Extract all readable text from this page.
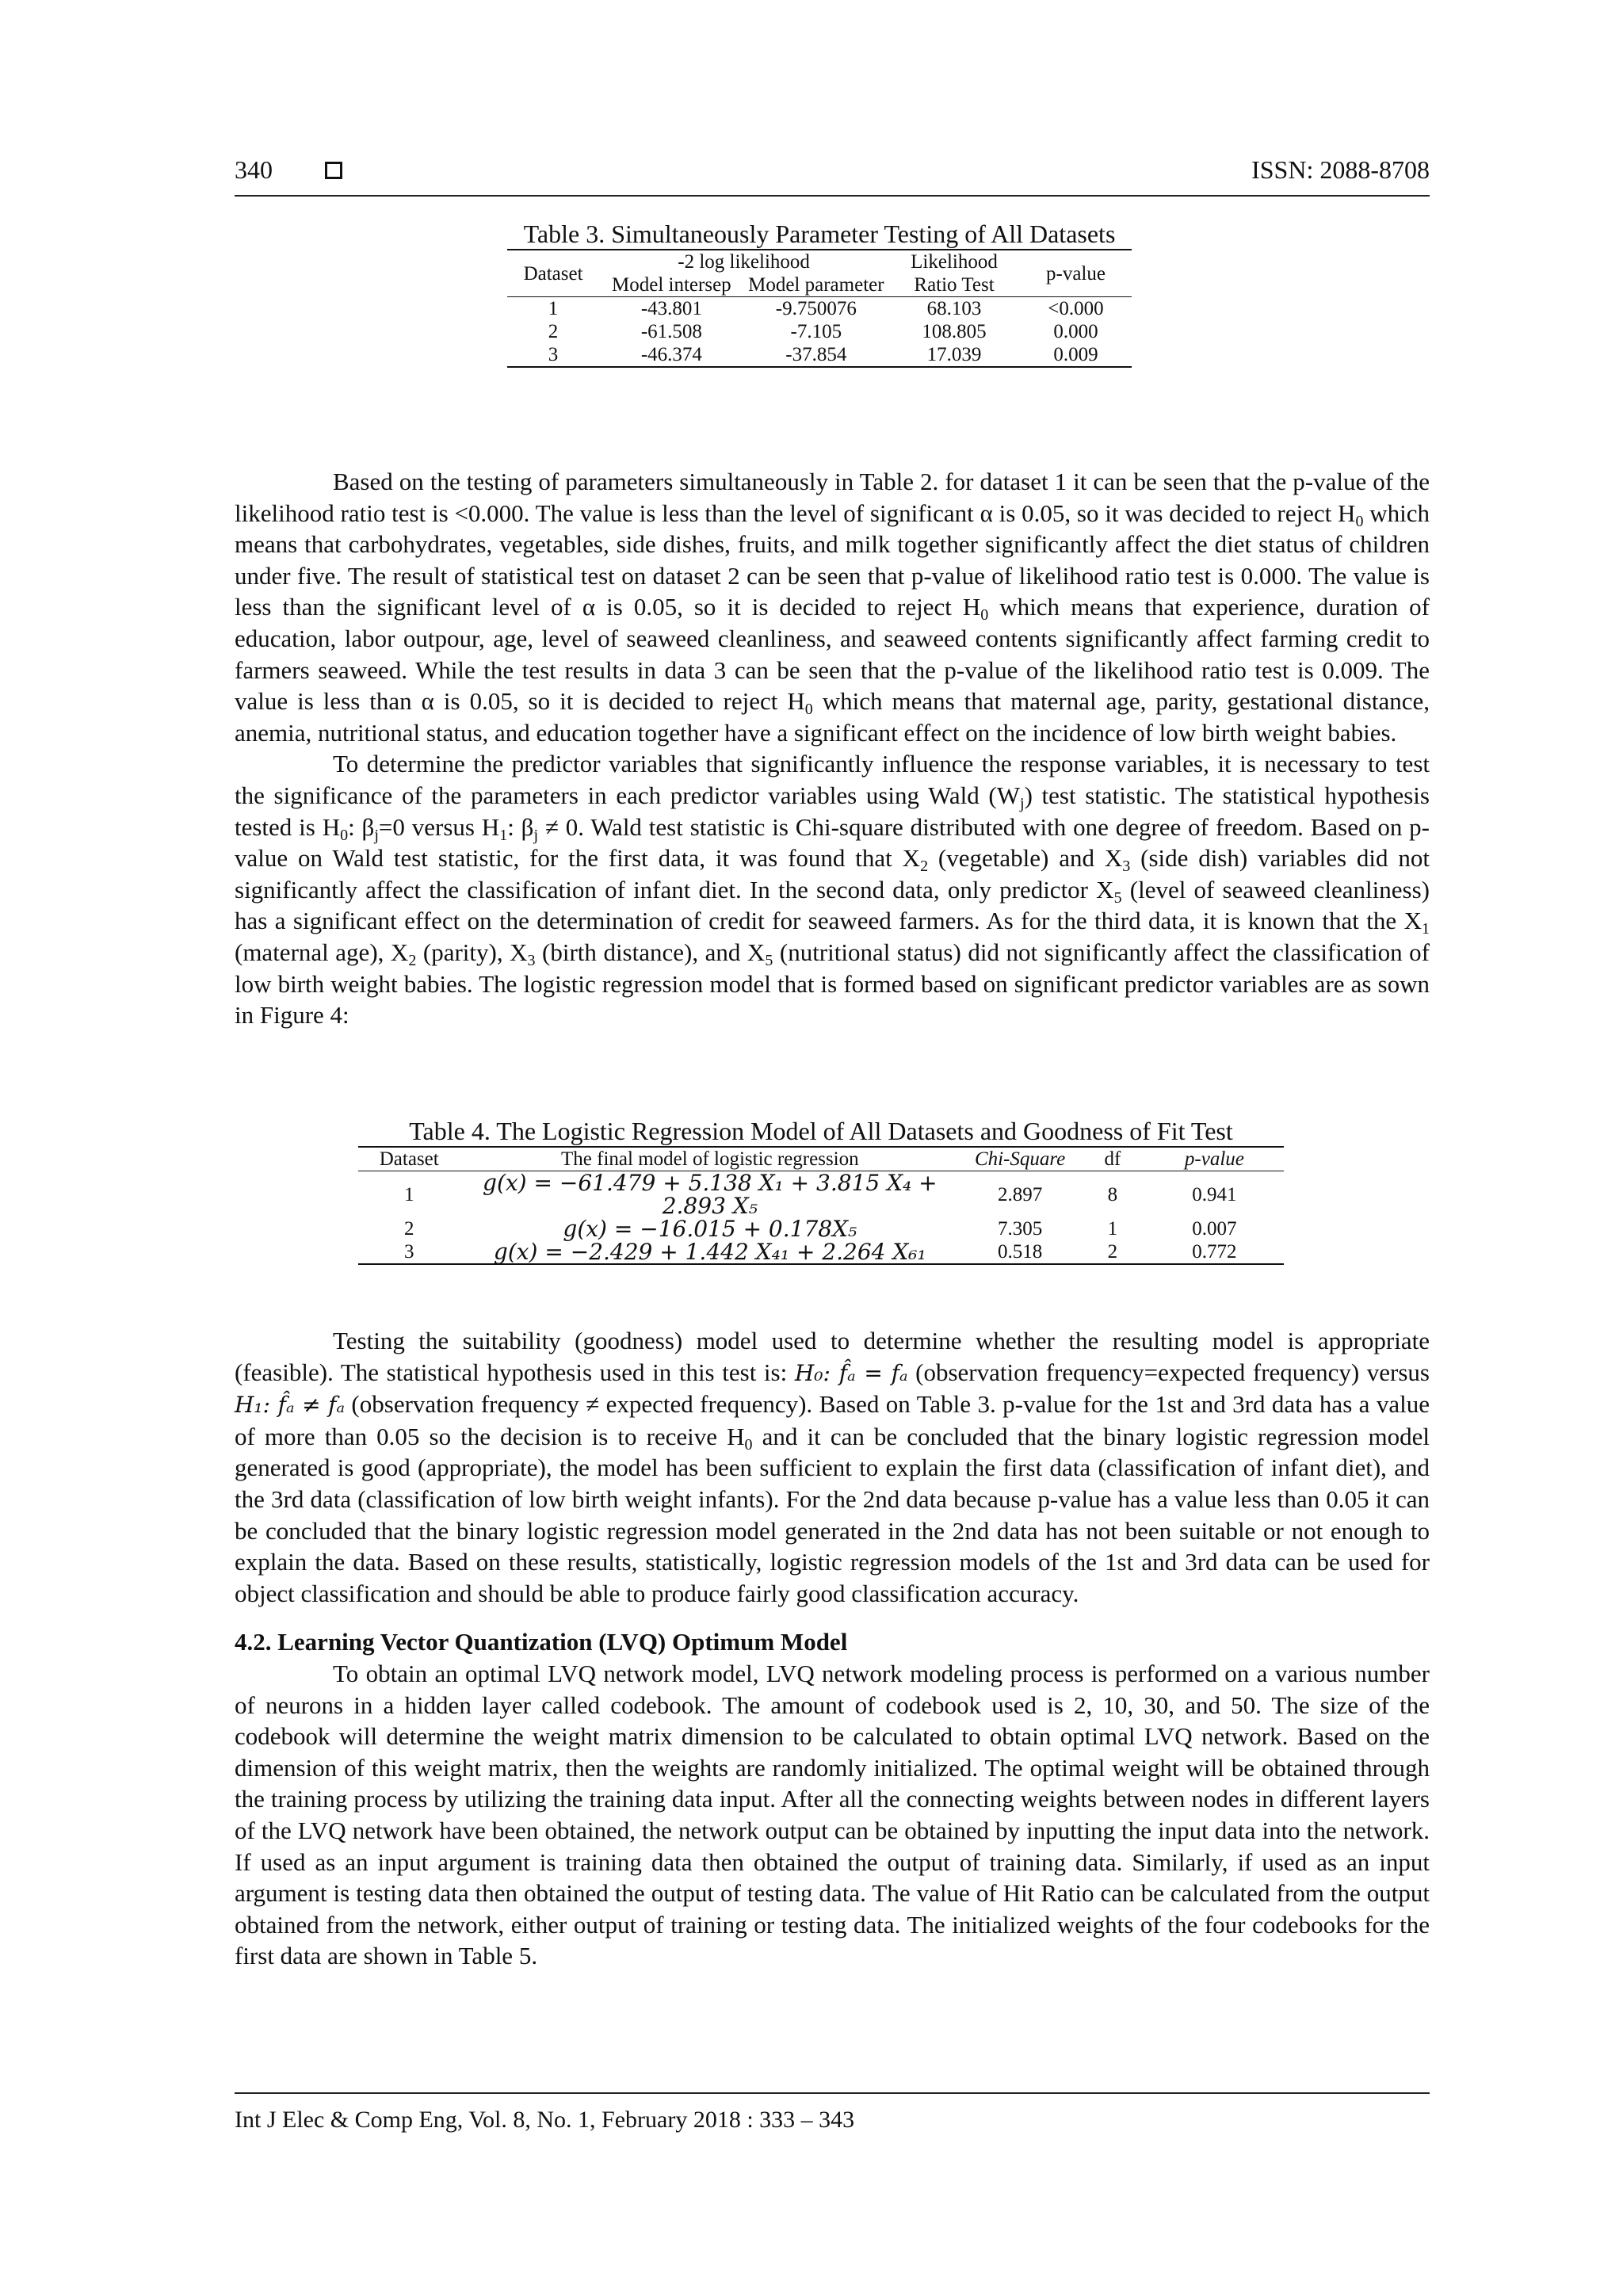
340	ISSN: 2088-8708
Table 3. Simultaneously Parameter Testing of All Datasets
Dataset	-2 log likelihood		Likelihood Ratio Test	p-value
	Model intersep	Model parameter		
1	-43.801	-9.750076	68.103	<0.000
2	-61.508	-7.105	108.805	0.000
3	-46.374	-37.854	17.039	0.009

Based on the testing of parameters simultaneously in Table 2. for dataset 1 it can be seen that the p-value of the likelihood ratio test is <0.000. The value is less than the level of significant α is 0.05, so it was decided to reject $H_0$ which means that carbohydrates, vegetables, side dishes, fruits, and milk together significantly affect the diet status of children under five. The result of statistical test on dataset 2 can be seen that p-value of likelihood ratio test is 0.000. The value is less than the significant level of α is 0.05, so it is decided to reject $H_0$ which means that experience, duration of education, labor outpour, age, level of seaweed cleanliness, and seaweed contents significantly affect farming credit to farmers seaweed. While the test results in data 3 can be seen that the p-value of the likelihood ratio test is 0.009. The value is less than α is 0.05, so it is decided to reject $H_0$ which means that maternal age, parity, gestational distance, anemia, nutritional status, and education together have a significant effect on the incidence of low birth weight babies.

To determine the predictor variables that significantly influence the response variables, it is necessary to test the significance of the parameters in each predictor variables using Wald $(W_j)$ test statistic. The statistical hypothesis tested is $H_0$: $\beta_j=0$ versus $H_1$: $\beta_j \ne 0$. Wald test statistic is Chi-square distributed with one degree of freedom. Based on p-value on Wald test statistic, for the first data, it was found that $X_2$ (vegetable) and $X_3$ (side dish) variables did not significantly affect the classification of infant diet. In the second data, only predictor $X_5$ (level of seaweed cleanliness) has a significant effect on the determination of credit for seaweed farmers. As for the third data, it is known that the $X_1$ (maternal age), $X_2$ (parity), $X_3$ (birth distance), and $X_5$ (nutritional status) did not significantly affect the classification of low birth weight babies. The logistic regression model that is formed based on significant predictor variables are as sown in Figure 4:

Table 4. The Logistic Regression Model of All Datasets and Goodness of Fit Test
Dataset	The final model of logistic regression	Chi-Square	df	p-value
1	g(x) = −61.479 + 5.138 X₁ + 3.815 X₄ + 2.893 X₅	2.897	8	0.941
2	g(x) = −16.015 + 0.178X₅	7.305	1	0.007
3	g(x) = −2.429 + 1.442 X₄₁ + 2.264 X₆₁	0.518	2	0.772

Testing the suitability (goodness) model used to determine whether the resulting model is appropriate (feasible). The statistical hypothesis used in this test is: H₀: f̂ₐ = fₐ (observation frequency=expected frequency) versus H₁: f̂ₐ ≠ fₐ (observation frequency ≠ expected frequency). Based on Table 3. p-value for the 1st and 3rd data has a value of more than 0.05 so the decision is to receive $H_0$ and it can be concluded that the binary logistic regression model generated is good (appropriate), the model has been sufficient to explain the first data (classification of infant diet), and the 3rd data (classification of low birth weight infants). For the 2nd data because p-value has a value less than 0.05 it can be concluded that the binary logistic regression model generated in the 2nd data has not been suitable or not enough to explain the data. Based on these results, statistically, logistic regression models of the 1st and 3rd data can be used for object classification and should be able to produce fairly good classification accuracy.

4.2. Learning Vector Quantization (LVQ) Optimum Model

To obtain an optimal LVQ network model, LVQ network modeling process is performed on a various number of neurons in a hidden layer called codebook. The amount of codebook used is 2, 10, 30, and 50. The size of the codebook will determine the weight matrix dimension to be calculated to obtain optimal LVQ network. Based on the dimension of this weight matrix, then the weights are randomly initialized. The optimal weight will be obtained through the training process by utilizing the training data input. After all the connecting weights between nodes in different layers of the LVQ network have been obtained, the network output can be obtained by inputting the input data into the network. If used as an input argument is training data then obtained the output of training data. Similarly, if used as an input argument is testing data then obtained the output of testing data. The value of Hit Ratio can be calculated from the output obtained from the network, either output of training or testing data. The initialized weights of the four codebooks for the first data are shown in Table 5.

Int J Elec & Comp Eng, Vol. 8, No. 1, February 2018 : 333 – 343
